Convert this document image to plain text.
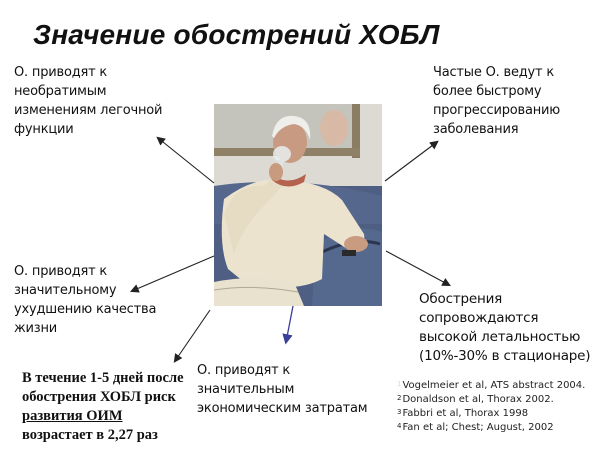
Значение обострений ХОБЛ
О. приводят к
необратимым
изменениям легочной
функции
Частые О. ведут к
более быстрому
прогрессированию
заболевания
О. приводят к
значительному
ухудшению качества
жизни
Обострения
сопровождаются
высокой летальностью
(10%-30% в стационаре)
О. приводят к
значительным
экономическим затратам
В течение 1-5 дней после
обострения ХОБЛ риск
развития ОИМ
возрастает в 2,27 раз
$^1$Vogelmeier et al, ATS abstract 2004.
$^2$Donaldson et al, Thorax 2002.
$^3$Fabbri et al, Thorax 1998
$^4$Fan et al; Chest; August, 2002
